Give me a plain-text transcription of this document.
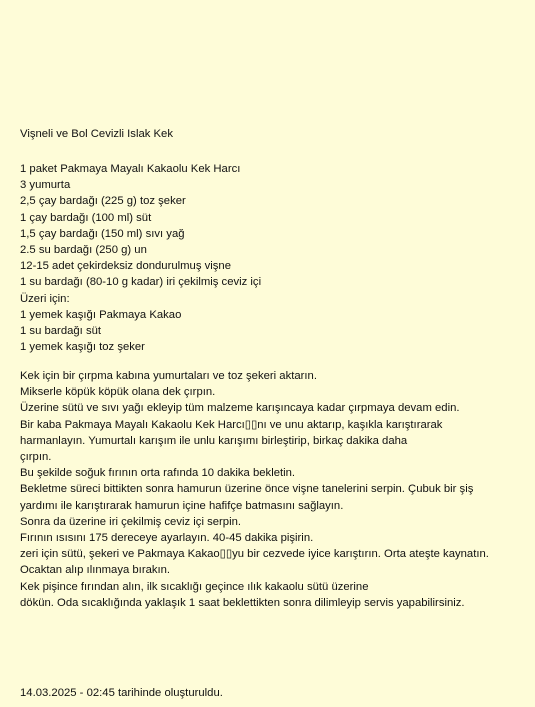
Vişneli ve Bol Cevizli Islak Kek
1 paket Pakmaya Mayalı Kakaolu Kek Harcı
3 yumurta
2,5 çay bardağı (225 g) toz şeker
1 çay bardağı (100 ml) süt
1,5 çay bardağı (150 ml) sıvı yağ
2.5 su bardağı (250 g) un
12-15 adet çekirdeksiz dondurulmuş vişne
1 su bardağı (80-10 g kadar) iri çekilmiş ceviz içi
Üzeri için:
1 yemek kaşığı Pakmaya Kakao
1 su bardağı süt
1 yemek kaşığı toz şeker
Kek için bir çırpma kabına yumurtaları ve toz şekeri aktarın.
Mikserle köpük köpük olana dek çırpın.
Üzerine sütü ve sıvı yağı ekleyip tüm malzeme karışıncaya kadar çırpmaya devam edin.
Bir kaba Pakmaya Mayalı Kakaolu Kek Harcı▯▯nı ve unu aktarıp, kaşıkla karıştırarak harmanlayın. Yumurtalı karışım ile unlu karışımı birleştirip, birkaç dakika daha
çırpın.
Bu şekilde soğuk fırının orta rafında 10 dakika bekletin.
Bekletme süreci bittikten sonra hamurun üzerine önce vişne tanelerini serpin. Çubuk bir şiş yardımı ile karıştırarak hamurun içine hafifçe batmasını sağlayın.
Sonra da üzerine iri çekilmiş ceviz içi serpin.
Fırının ısısını 175 dereceye ayarlayın. 40-45 dakika pişirin.
zeri için sütü, şekeri ve Pakmaya Kakao▯▯yu bir cezvede iyice karıştırın. Orta ateşte kaynatın. Ocaktan alıp ılınmaya bırakın.
Kek pişince fırından alın, ilk sıcaklığı geçince ılık kakaolu sütü üzerine
dökün. Oda sıcaklığında yaklaşık 1 saat beklettikten sonra dilimleyip servis yapabilirsiniz.
14.03.2025 - 02:45 tarihinde oluşturuldu.
